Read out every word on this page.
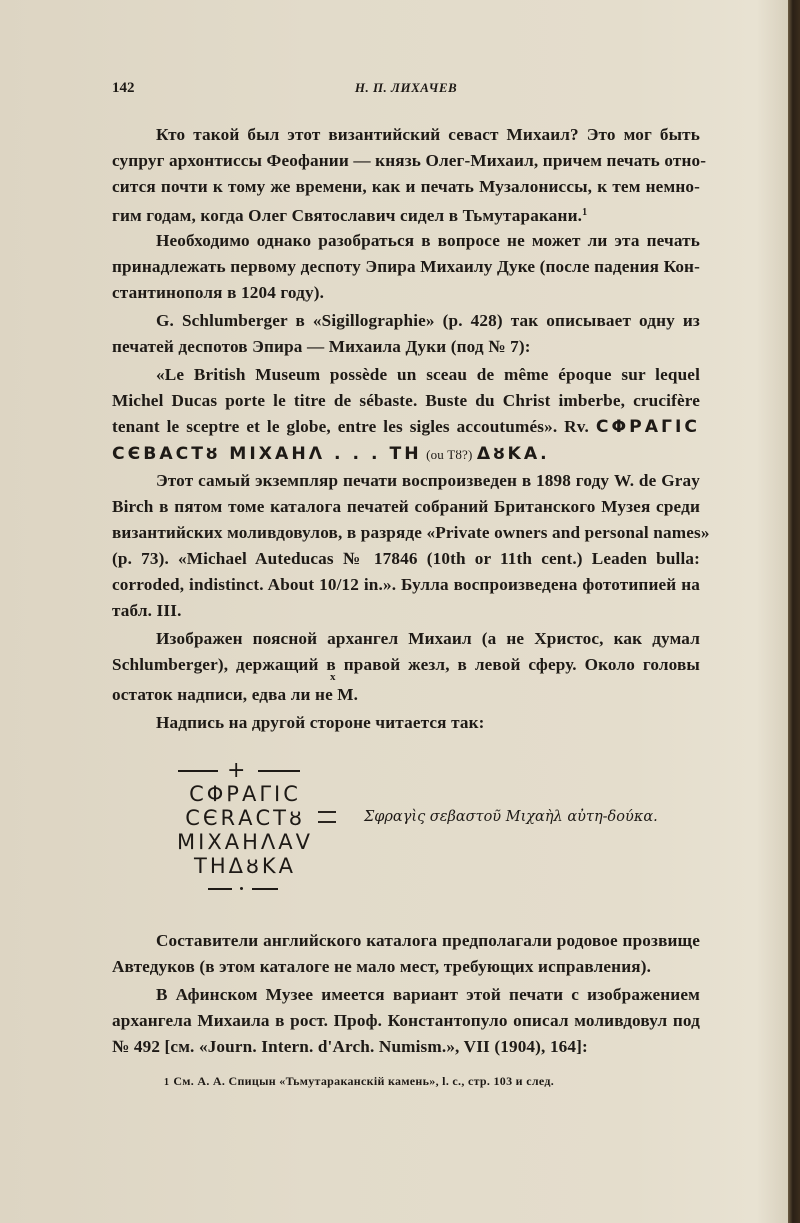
142	Н. П. ЛИХАЧЕВ
Кто такой был этот византийский севаст Михаил? Это мог быть
супруг архонтиссы Феофании — князь Олег-Михаил, причем печать отно-
сится почти к тому же времени, как и печать Музалониссы, к тем немно-
гим годам, когда Олег Святославич сидел в Тьмутаракани.$^1$
Необходимо однако разобраться в вопросе не может ли эта печать
принадлежать первому деспоту Эпира Михаилу Дуке (после падения Кон-
стантинополя в 1204 году).
G. Schlumberger в «Sigillographie» (p. 428) так описывает одну из
печатей деспотов Эпира — Михаила Дуки (под № 7):
«Le British Museum possède un sceau de même époque sur lequel
Michel Ducas porte le titre de sébaste. Buste du Christ imberbe, crucifère
tenant le sceptre et le globe, entre les sigles accoutumés». Rv. СΦΡΑΓΙС
СЄВΑСТȣ МΙΧΑΗΛ . . . ТН (ou Тȣ?) ΔȣΚΑ.
Этот самый экземпляр печати воспроизведен в 1898 году W. de Gray
Birch в пятом томе каталога печатей собраний Британского Музея среди
византийских моливдовулов, в разряде «Private owners and personal names»
(p. 73). «Michael Auteducas № 17846 (10th or 11th cent.) Leaden bulla:
corroded, indistinct. About 10/12 in.». Булла воспроизведена фототипией на
табл. III.
Изображен поясной архангел Михаил (а не Христос, как думал
Schlumberger), держащий в правой жезл, в левой сферу. Около головы
остаток надписи, едва ли не М.
Надпись на другой стороне читается так:
Составители английского каталога предполагали родовое прозвище
Автедуков (в этом каталоге не мало мест, требующих исправления).
В Афинском Музее имеется вариант этой печати с изображением
архангела Михаила в рост. Проф. Константопуло описал моливдовул под
№ 492 [см. «Journ. Intern. d'Arch. Numism.», VII (1904), 164]:
x
+
СΦΡΑΓΙС
СЄRΑСТȣ
ΜΙΧΑΗΛΑV
ТНΔȣΚΑ
Σφραγὶς σεβαστοῦ Μιχαὴλ αὐτη-δούκα.
1 См. А. А. Спицын «Тьмутараканскій камень», l. c., стр. 103 и след.
